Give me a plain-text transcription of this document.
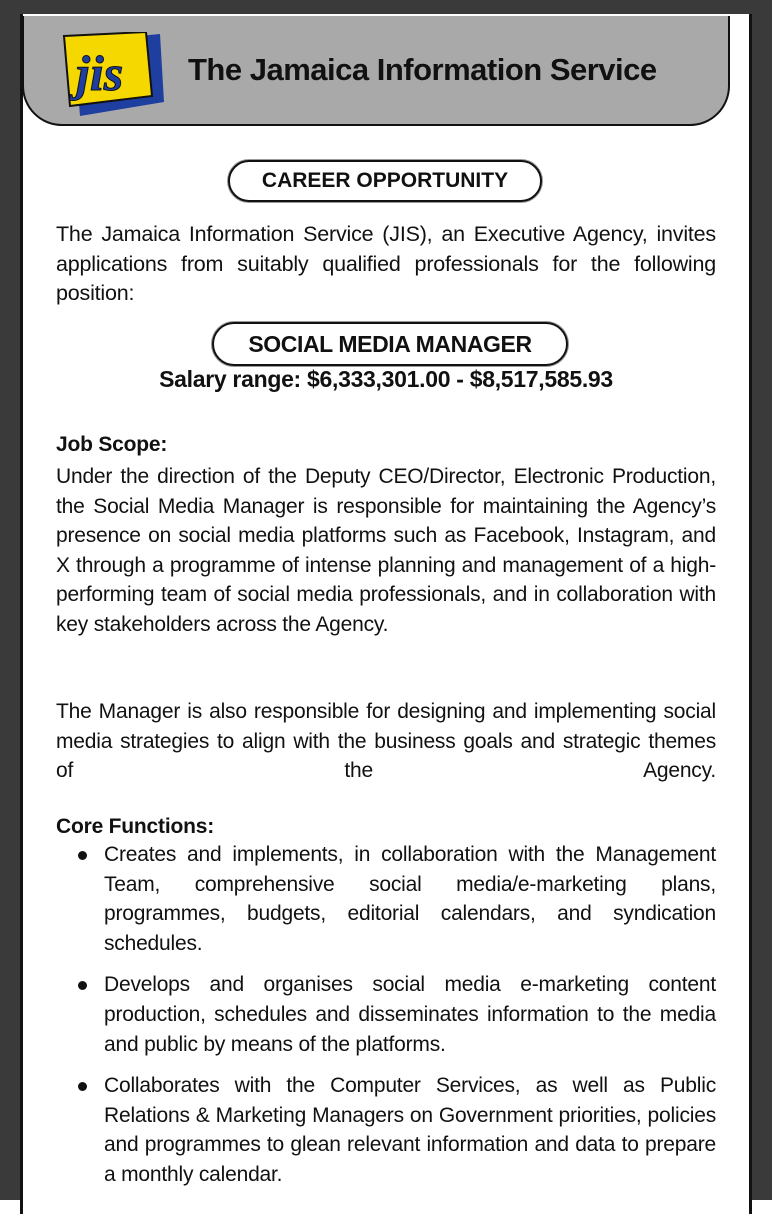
jis The Jamaica Information Service
CAREER OPPORTUNITY
The Jamaica Information Service (JIS), an Executive Agency, invites applications from suitably qualified professionals for the following position:
SOCIAL MEDIA MANAGER
Salary range: $6,333,301.00 - $8,517,585.93
Job Scope:
Under the direction of the Deputy CEO/Director, Electronic Production, the Social Media Manager is responsible for maintaining the Agency’s presence on social media platforms such as Facebook, Instagram, and X through a programme of intense planning and management of a high-performing team of social media professionals, and in collaboration with key stakeholders across the Agency.
The Manager is also responsible for designing and implementing social media strategies to align with the business goals and strategic themes of the Agency.
Core Functions:
Creates and implements, in collaboration with the Management Team, comprehensive social media/e-marketing plans, programmes, budgets, editorial calendars, and syndication schedules.
Develops and organises social media e-marketing content production, schedules and disseminates information to the media and public by means of the platforms.
Collaborates with the Computer Services, as well as Public Relations & Marketing Managers on Government priorities, policies and programmes to glean relevant information and data to prepare a monthly calendar.
